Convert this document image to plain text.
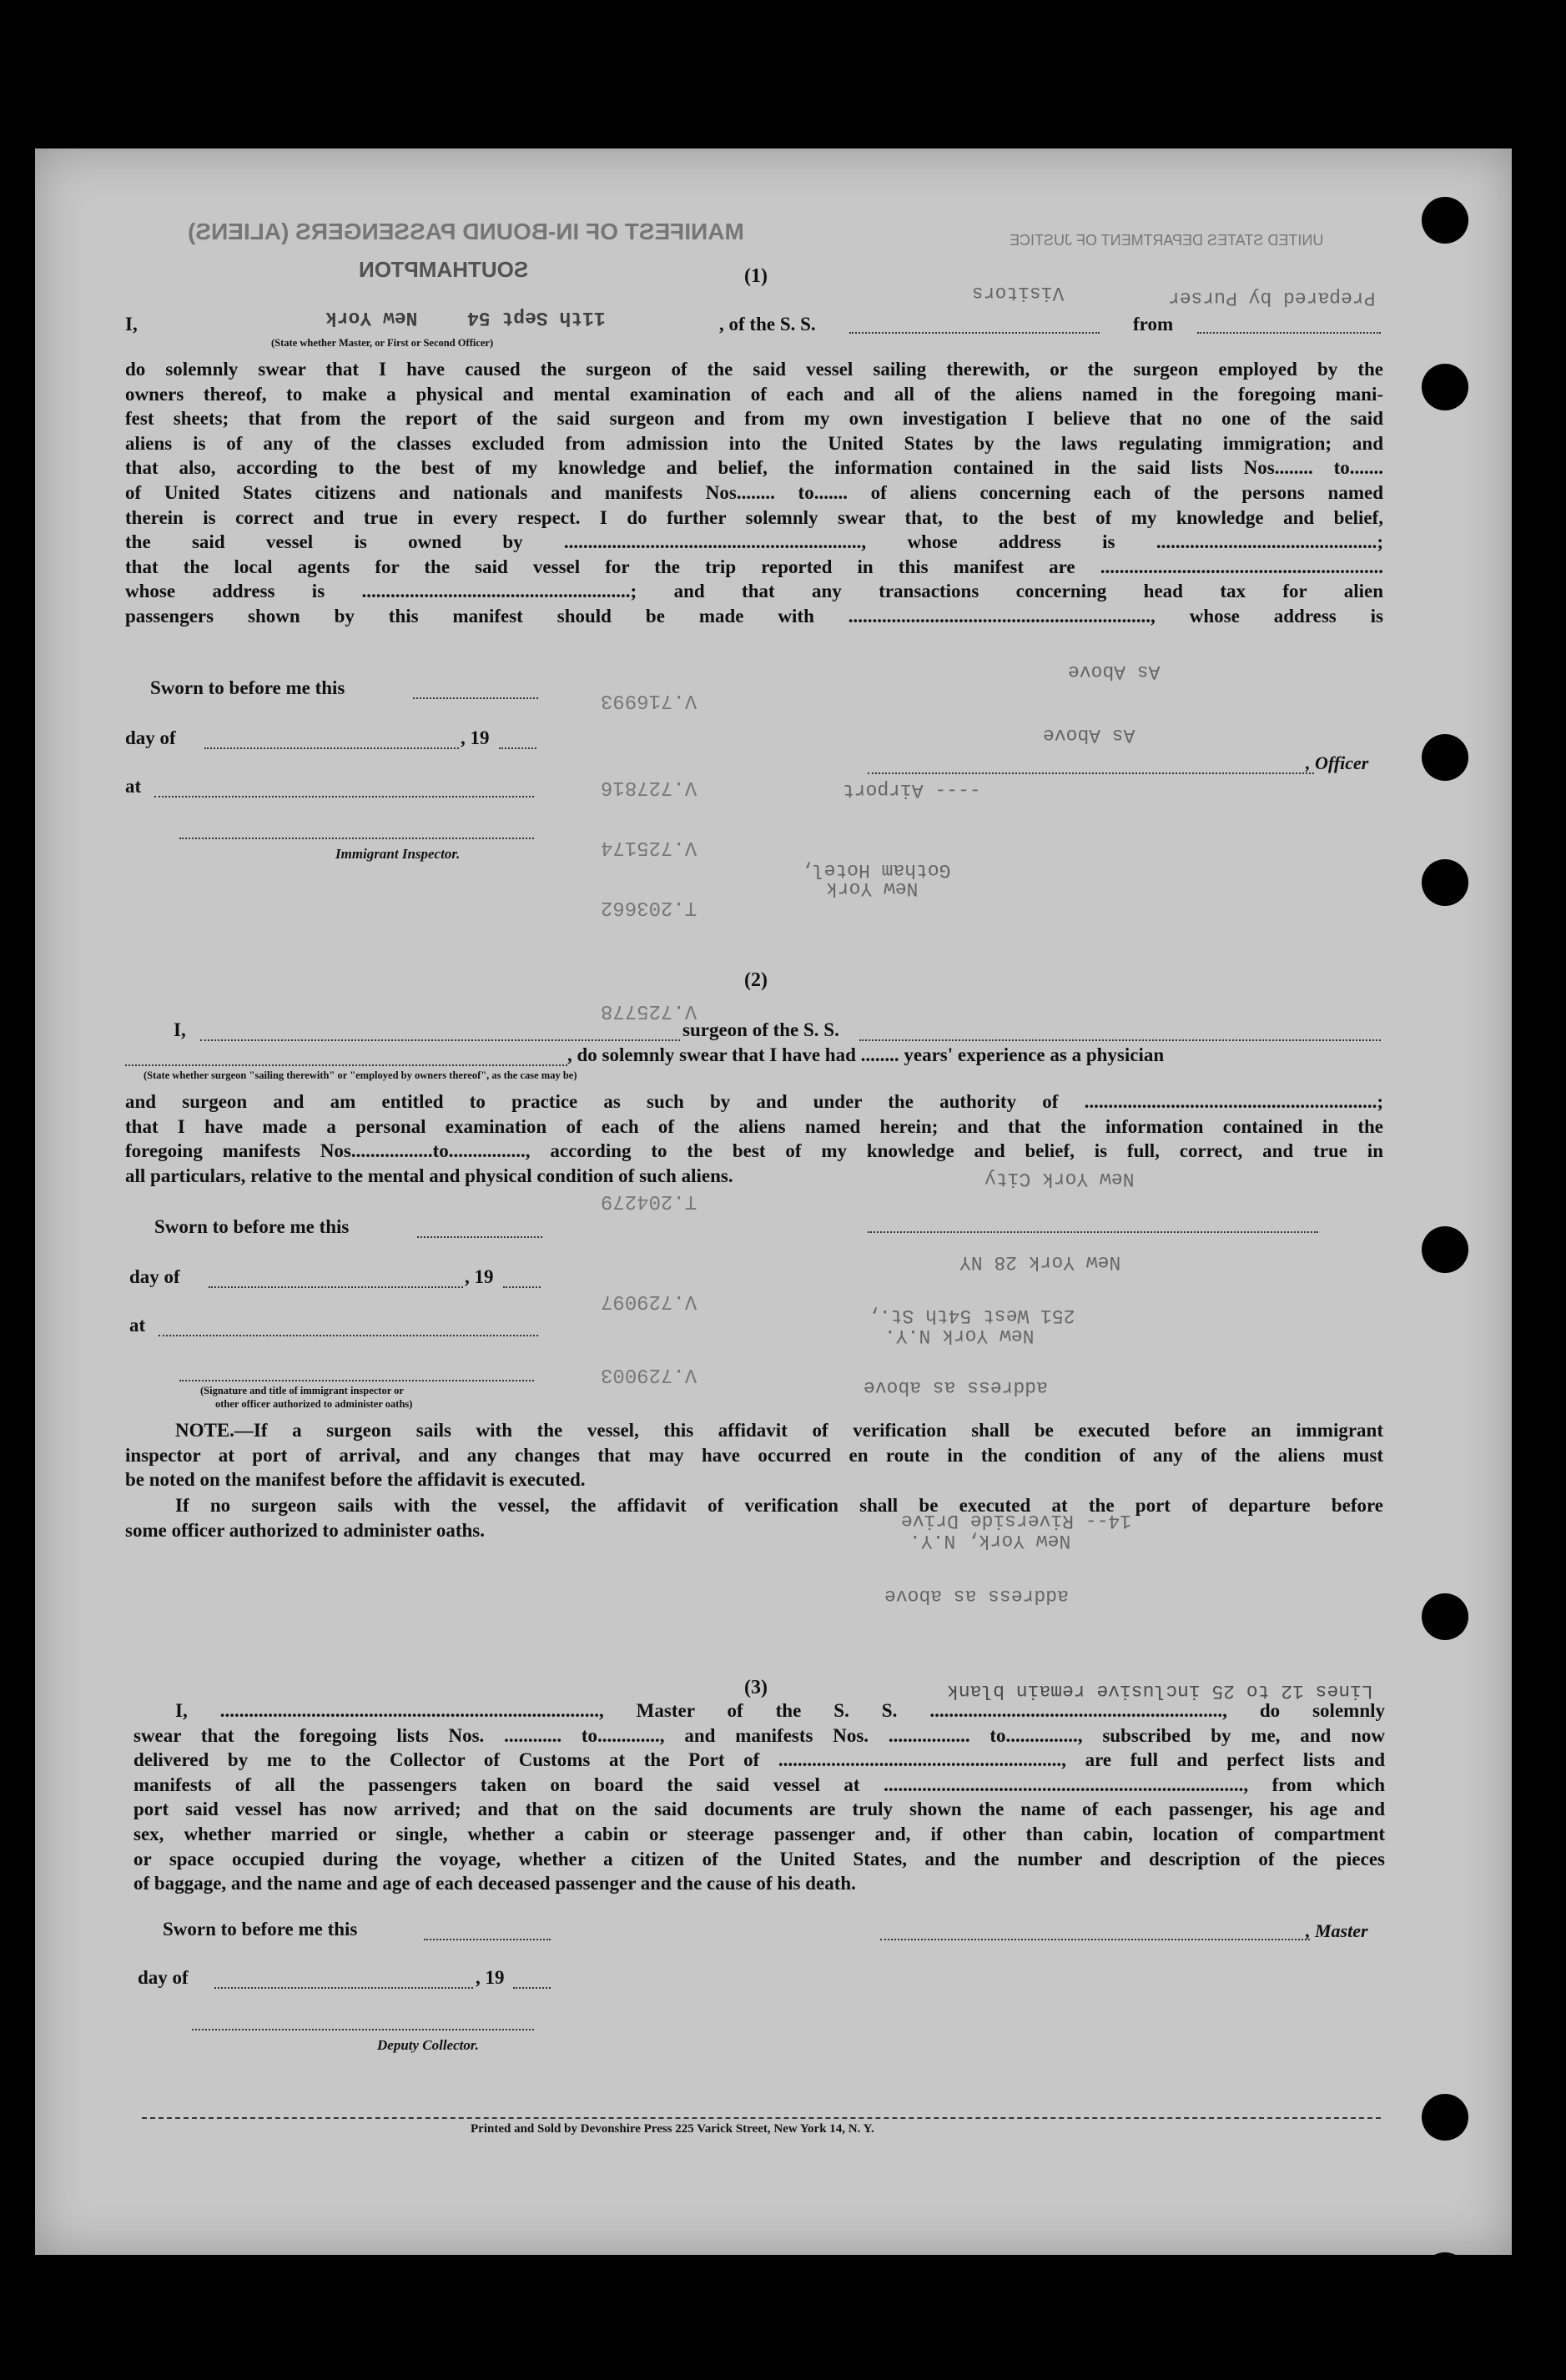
MANIFEST OF IN-BOUND PASSENGERS (ALIENS)
SOUTHAMPTON
UNITED STATES DEPARTMENT OF JUSTICE
Prepared by Purser
Visitors
11th Sept 54
New York
(1)
I,	, of the S. S.	from
(State whether Master, or First or Second Officer)
do solemnly swear that I have caused the surgeon of the said vessel sailing therewith, or the surgeon employed by the
owners thereof, to make a physical and mental examination of each and all of the aliens named in the foregoing mani-
fest sheets; that from the report of the said surgeon and from my own investigation I believe that no one of the said
aliens is of any of the classes excluded from admission into the United States by the laws regulating immigration; and
that also, according to the best of my knowledge and belief, the information contained in the said lists Nos........ to.......
of United States citizens and nationals and manifests Nos........ to....... of aliens concerning each of the persons named
therein is correct and true in every respect. I do further solemnly swear that, to the best of my knowledge and belief,
the said vessel is owned by .............................................................., whose address is ..............................................;
that the local agents for the said vessel for the trip reported in this manifest are ...........................................................
whose address is ........................................................; and that any transactions concerning head tax for alien
passengers shown by this manifest should be made with ..............................................................., whose address is
Sworn to before me this
day of	, 19
at
Immigrant Inspector.
, Officer
As Above
As Above
---- Airport
Gotham Hotel,
New York
New York City
New York 28 NY
251 West 54th St.,
New York N.Y.
address as above
14-- Riverside Drive
New York, N.Y.
address as above
V.716993
V.727816
V.725174
T.203662
V.725778
T.204279
V.729097
V.729003
(2)
I,	surgeon of the S. S.
, do solemnly swear that I have had ........ years' experience as a physician
(State whether surgeon "sailing therewith" or "employed by owners thereof", as the case may be)
and surgeon and am entitled to practice as such by and under the authority of .............................................................;
that I have made a personal examination of each of the aliens named herein; and that the information contained in the
foregoing manifests Nos.................to................, according to the best of my knowledge and belief, is full, correct, and true in
all particulars, relative to the mental and physical condition of such aliens.
Sworn to before me this
day of	, 19
at
(Signature and title of immigrant inspector or
other officer authorized to administer oaths)
NOTE.—If a surgeon sails with the vessel, this affidavit of verification shall be executed before an immigrant
inspector at port of arrival, and any changes that may have occurred en route in the condition of any of the aliens must
be noted on the manifest before the affidavit is executed.
If no surgeon sails with the vessel, the affidavit of verification shall be executed at the port of departure before
some officer authorized to administer oaths.
(3)	Lines 12 to 25 inclusive remain blank
I, ..............................................................................., Master of the S. S. ............................................................., do solemnly
swear that the foregoing lists Nos. ............ to............., and manifests Nos. ................. to..............., subscribed by me, and now
delivered by me to the Collector of Customs at the Port of ..........................................................., are full and perfect lists and
manifests of all the passengers taken on board the said vessel at ..........................................................................., from which
port said vessel has now arrived; and that on the said documents are truly shown the name of each passenger, his age and
sex, whether married or single, whether a cabin or steerage passenger and, if other than cabin, location of compartment
or space occupied during the voyage, whether a citizen of the United States, and the number and description of the pieces
of baggage, and the name and age of each deceased passenger and the cause of his death.
Sworn to before me this	, Master
day of	, 19
Deputy Collector.
Printed and Sold by Devonshire Press 225 Varick Street, New York 14, N. Y.
